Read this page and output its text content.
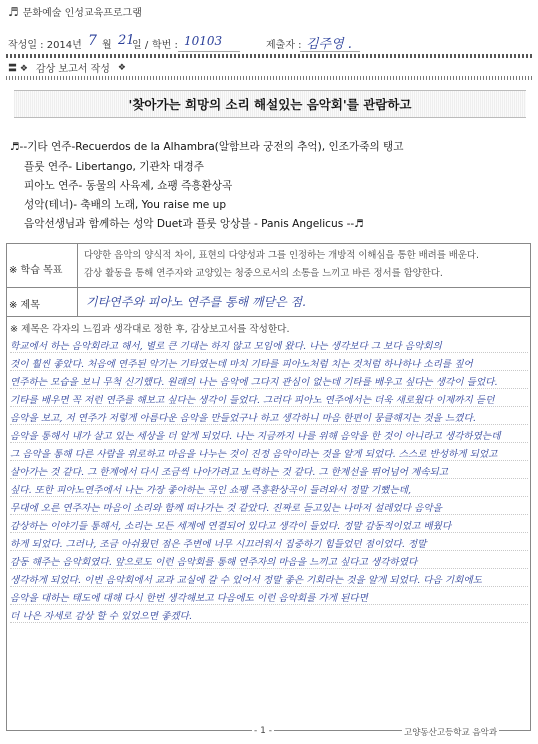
♬ 문화예술 인성교육프로그램
작성일 : 2014년 7 월 21
일 / 학번 : 10103	제출자 : 김주영 .
〓 ❖ 감상 보고서 작성 ❖
'찾아가는 희망의 소리 해설있는 음악회'를 관람하고
♬--기타 연주-Recuerdos de la Alhambra(알함브라 궁전의 추억), 인조가죽의 탱고
플룻 연주- Libertango, 기관차 대경주
피아노 연주- 동물의 사육제, 쇼팽 즉흥환상곡
성악(테너)- 축배의 노래, You raise me up
음악선생님과 함께하는 성악 Duet과 플룻 앙상블 - Panis Angelicus --♬
※ 학습 목표
다양한 음악의 양식적 차이, 표현의 다양성과 그를 인정하는 개방적 이해심을 통한 배려를 배운다.
감상 활동을 통해 연주자와 교양있는 청중으로서의 소통을 느끼고 바른 정서를 함양한다.
※ 제목	기타연주와 피아노 연주를 통해 깨닫은 점.
※ 제목은 각자의 느낌과 생각대로 정한 후, 감상보고서를 작성한다.
학교에서 하는 음악회라고 해서, 별로 큰 기대는 하지 않고 모임에 왔다. 나는 생각보다 그 보다 음악회의
것이 훨씬 좋았다. 처음에 연주된 악기는 기타였는데 마치 기타를 피아노처럼 치는 것처럼 하나하나 소리를 짚어
연주하는 모습을 보니 무척 신기했다. 원래의 나는 음악에 그다지 관심이 없는데 기타를 배우고 싶다는 생각이 들었다.
기타를 배우면 꼭 저런 연주를 해보고 싶다는 생각이 들었다. 그러다 피아노 연주에서는 더욱 새로웠다 이제까지 듣던
음악을 보고, 저 연주가 저렇게 아름다운 음악을 만들었구나 하고 생각하니 마음 한편이 뭉클해지는 것을 느꼈다.
음악을 통해서 내가 살고 있는 세상을 더 알게 되었다. 나는 지금까지 나를 위해 음악을 한 것이 아니라고 생각하였는데
그 음악을 통해 다른 사람을 위로하고 마음을 나누는 것이 진정 음악이라는 것을 알게 되었다. 스스로 반성하게 되었고
살아가는 것 같다. 그 한계에서 다시 조금씩 나아가려고 노력하는 것 같다. 그 한계선을 뛰어넘어 계속되고
싶다. 또한 피아노연주에서 나는 가장 좋아하는 곡인 쇼팽 즉흥환상곡이 들려와서 정말 기뻤는데,
무대에 오른 연주자는 마음이 소리와 함께 떠나가는 것 같았다. 진짜로 듣고있는 나마저 설레었다 음악을
감상하는 이야기들 통해서, 소리는 모든 세계에 연결되어 있다고 생각이 들었다. 정말 감동적이었고 배웠다
하게 되었다. 그러나, 조금 아쉬웠던 점은 주변에 너무 시끄러워서 집중하기 힘들었던 점이었다. 정말
감동 해주는 음악회였다. 앞으로도 이런 음악회를 통해 연주자의 마음을 느끼고 싶다고 생각하였다
생각하게 되었다. 이번 음악회에서 교과 교실에 갈 수 있어서 정말 좋은 기회라는 것을 알게 되었다. 다음 기회에도
음악을 대하는 태도에 대해 다시 한번 생각해보고 다음에도 이런 음악회를 가게 된다면
더 나은 자세로 감상 할 수 있었으면 좋겠다.
- 1 -	고양동산고등학교 음악과
